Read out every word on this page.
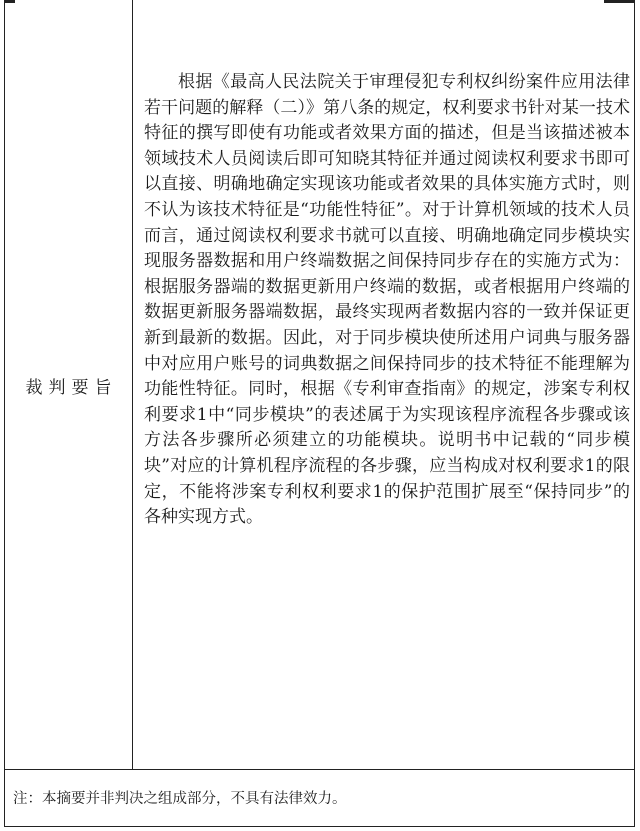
裁判要旨

根据《最高人民法院关于审理侵犯专利权纠纷案件应用法律若干问题的解释（二）》第八条的规定，权利要求书针对某一技术特征的撰写即使有功能或者效果方面的描述，但是当该描述被本领域技术人员阅读后即可知晓其特征并通过阅读权利要求书即可以直接、明确地确定实现该功能或者效果的具体实施方式时，则不认为该技术特征是“功能性特征”。对于计算机领域的技术人员而言，通过阅读权利要求书就可以直接、明确地确定同步模块实现服务器数据和用户终端数据之间保持同步存在的实施方式为：根据服务器端的数据更新用户终端的数据，或者根据用户终端的数据更新服务器端数据，最终实现两者数据内容的一致并保证更新到最新的数据。因此，对于同步模块使所述用户词典与服务器中对应用户账号的词典数据之间保持同步的技术特征不能理解为功能性特征。同时，根据《专利审查指南》的规定，涉案专利权利要求1中“同步模块”的表述属于为实现该程序流程各步骤或该方法各步骤所必须建立的功能模块。说明书中记载的“同步模块”对应的计算机程序流程的各步骤，应当构成对权利要求1的限定，不能将涉案专利权利要求1的保护范围扩展至“保持同步”的各种实现方式。

注：本摘要并非判决之组成部分，不具有法律效力。
